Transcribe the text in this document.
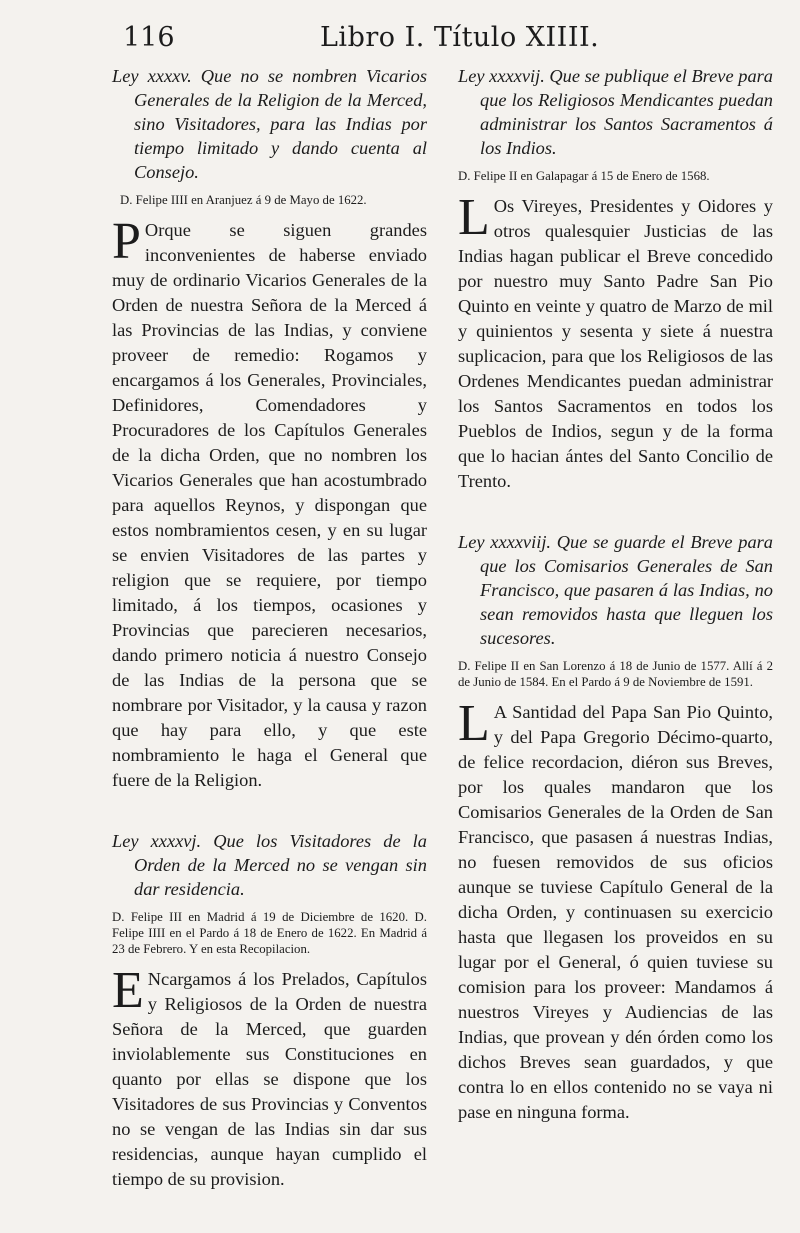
116	Libro I. Título XIIII.

Ley xxxxv. Que no se nombren Vicarios Generales de la Religion de la Merced, sino Visitadores, para las Indias por tiempo limitado y dando cuenta al Consejo.

D. Felipe IIII en Aranjuez á 9 de Mayo de 1622.

P Orque se siguen grandes inconvenientes de haberse enviado muy de ordinario Vicarios Generales de la Orden de nuestra Señora de la Merced á las Provincias de las Indias, y conviene proveer de remedio: Rogamos y encargamos á los Generales, Provinciales, Definidores, Comendadores y Procuradores de los Capítulos Generales de la dicha Orden, que no nombren los Vicarios Generales que han acostumbrado para aquellos Reynos, y dispongan que estos nombramientos cesen, y en su lugar se envien Visitadores de las partes y religion que se requiere, por tiempo limitado, á los tiempos, ocasiones y Provincias que parecieren necesarios, dando primero noticia á nuestro Consejo de las Indias de la persona que se nombrare por Visitador, y la causa y razon que hay para ello, y que este nombramiento le haga el General que fuere de la Religion.

Ley xxxxvj. Que los Visitadores de la Orden de la Merced no se vengan sin dar residencia.

D. Felipe III en Madrid á 19 de Diciembre de 1620. D. Felipe IIII en el Pardo á 18 de Enero de 1622. En Madrid á 23 de Febrero. Y en esta Recopilacion.

E Ncargamos á los Prelados, Capítulos y Religiosos de la Orden de nuestra Señora de la Merced, que guarden inviolablemente sus Constituciones en quanto por ellas se dispone que los Visitadores de sus Provincias y Conventos no se vengan de las Indias sin dar sus residencias, aunque hayan cumplido el tiempo de su provision.

Ley xxxxvij. Que se publique el Breve para que los Religiosos Mendicantes puedan administrar los Santos Sacramentos á los Indios.

D. Felipe II en Galapagar á 15 de Enero de 1568.

L Os Vireyes, Presidentes y Oidores y otros qualesquier Justicias de las Indias hagan publicar el Breve concedido por nuestro muy Santo Padre San Pio Quinto en veinte y quatro de Marzo de mil y quinientos y sesenta y siete á nuestra suplicacion, para que los Religiosos de las Ordenes Mendicantes puedan administrar los Santos Sacramentos en todos los Pueblos de Indios, segun y de la forma que lo hacian ántes del Santo Concilio de Trento.

Ley xxxxviij. Que se guarde el Breve para que los Comisarios Generales de San Francisco, que pasaren á las Indias, no sean removidos hasta que lleguen los sucesores.

D. Felipe II en San Lorenzo á 18 de Junio de 1577. Allí á 2 de Junio de 1584. En el Pardo á 9 de Noviembre de 1591.

L A Santidad del Papa San Pio Quinto, y del Papa Gregorio Décimo-quarto, de felice recordacion, diéron sus Breves, por los quales mandaron que los Comisarios Generales de la Orden de San Francisco, que pasasen á nuestras Indias, no fuesen removidos de sus oficios aunque se tuviese Capítulo General de la dicha Orden, y continuasen su exercicio hasta que llegasen los proveidos en su lugar por el General, ó quien tuviese su comision para los proveer: Mandamos á nuestros Vireyes y Audiencias de las Indias, que provean y dén órden como los dichos Breves sean guardados, y que contra lo en ellos contenido no se vaya ni pase en ninguna forma.
